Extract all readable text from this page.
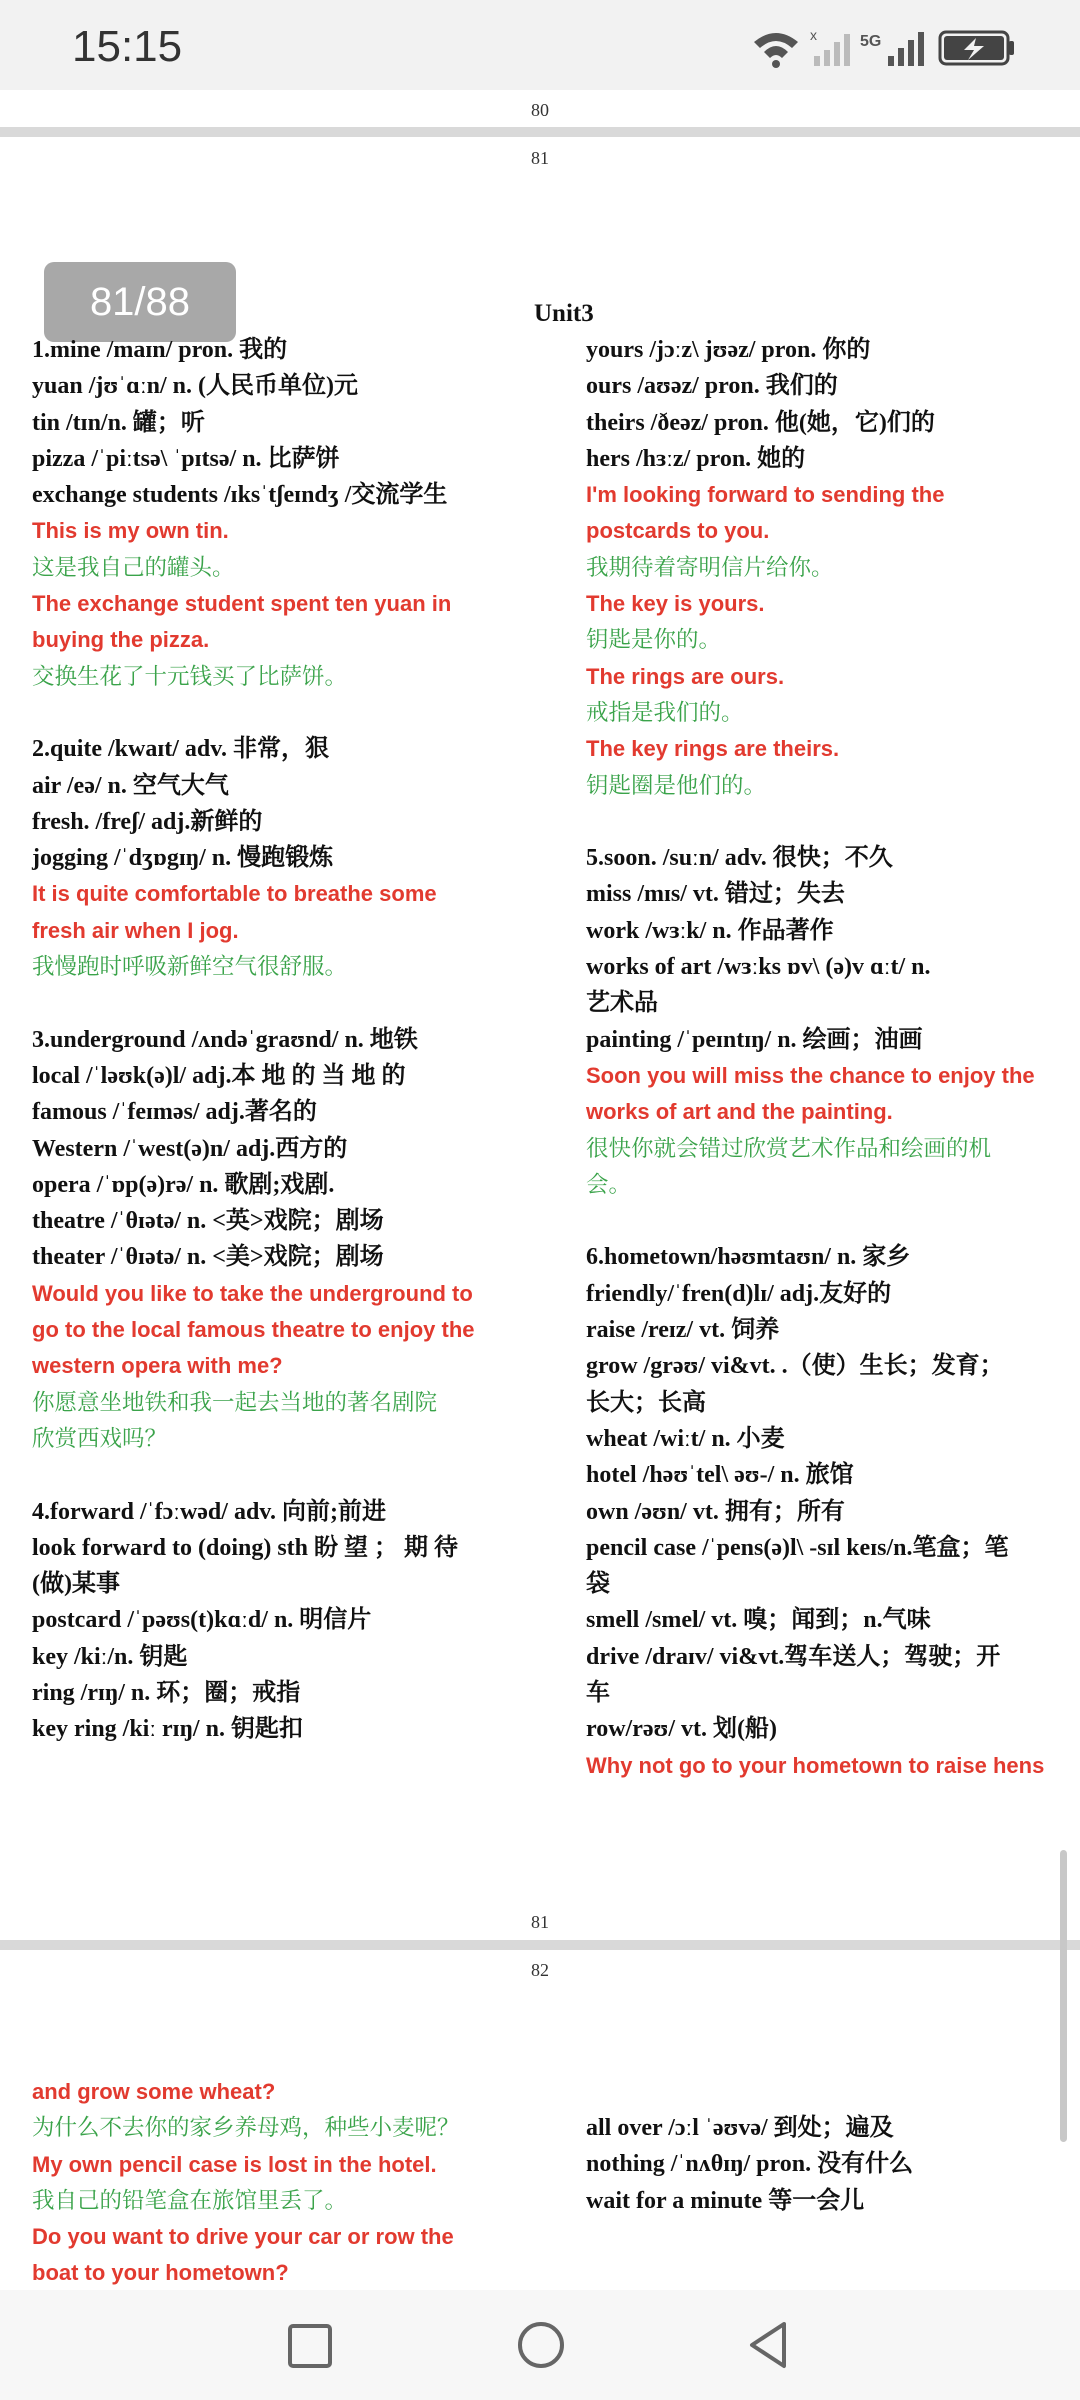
15:15	x	5G
80
81
81/88	Unit3
1.mine /maɪn/ pron. 我的
yuan /jʊˈɑːn/ n. (人民币单位)元
tin /tɪn/n. 罐；听
pizza /ˈpiːtsə\ ˈpɪtsə/ n. 比萨饼
exchange students /ɪksˈtʃeɪndʒ /交流学生
This is my own tin.
这是我自己的罐头。
The exchange student spent ten yuan in
buying the pizza.
交换生花了十元钱买了比萨饼。
2.quite /kwaɪt/ adv. 非常，狠
air /eə/ n. 空气大气
fresh. /freʃ/ adj.新鲜的
jogging /ˈdʒɒgɪŋ/ n. 慢跑锻炼
It is quite comfortable to breathe some
fresh air when I jog.
我慢跑时呼吸新鲜空气很舒服。
3.underground /ʌndəˈgraʊnd/ n. 地铁
local /ˈləʊk(ə)l/ adj.本 地 的 当 地 的
famous /ˈfeɪməs/ adj.著名的
Western /ˈwest(ə)n/ adj.西方的
opera /ˈɒp(ə)rə/ n. 歌剧;戏剧.
theatre /ˈθɪətə/ n. <英>戏院；剧场
theater /ˈθɪətə/ n. <美>戏院；剧场
Would you like to take the underground to
go to the local famous theatre to enjoy the
western opera with me?
你愿意坐地铁和我一起去当地的著名剧院
欣赏西戏吗？
4.forward /ˈfɔːwəd/ adv. 向前;前进
look forward to (doing) sth 盼 望 ； 期 待
(做)某事
postcard /ˈpəʊs(t)kɑːd/ n. 明信片
key /kiː/n. 钥匙
ring /rɪŋ/ n. 环；圈；戒指
key ring /kiː rɪŋ/ n. 钥匙扣
yours /jɔːz\ jʊəz/ pron. 你的
ours /aʊəz/ pron. 我们的
theirs /ðeəz/ pron. 他(她，它)们的
hers /hɜːz/ pron. 她的
I'm looking forward to sending the
postcards to you.
我期待着寄明信片给你。
The key is yours.
钥匙是你的。
The rings are ours.
戒指是我们的。
The key rings are theirs.
钥匙圈是他们的。
5.soon. /suːn/ adv. 很快；不久
miss /mɪs/ vt. 错过；失去
work /wɜːk/ n. 作品著作
works of art /wɜːks ɒv\ (ə)v ɑːt/ n.
艺术品
painting /ˈpeɪntɪŋ/ n. 绘画；油画
Soon you will miss the chance to enjoy the
works of art and the painting.
很快你就会错过欣赏艺术作品和绘画的机
会。
6.hometown/həʊmtaʊn/ n. 家乡
friendly/ˈfren(d)lɪ/ adj.友好的
raise /reɪz/ vt. 饲养
grow /grəʊ/ vi&vt. .（使）生长；发育；
长大；长高
wheat /wiːt/ n. 小麦
hotel /həʊˈtel\ əʊ-/ n. 旅馆
own /əʊn/ vt. 拥有；所有
pencil case /ˈpens(ə)l\ -sɪl keɪs/n.笔盒；笔
袋
smell /smel/ vt. 嗅；闻到；n.气味
drive /draɪv/ vi&vt.驾车送人；驾驶；开
车
row/rəʊ/ vt. 划(船)
Why not go to your hometown to raise hens
81
82
and grow some wheat?
为什么不去你的家乡养母鸡，种些小麦呢？
My own pencil case is lost in the hotel.
我自己的铅笔盒在旅馆里丢了。
Do you want to drive your car or row the
boat to your hometown?
all over /ɔːl ˈəʊvə/ 到处；遍及
nothing /ˈnʌθɪŋ/ pron. 没有什么
wait for a minute 等一会儿
